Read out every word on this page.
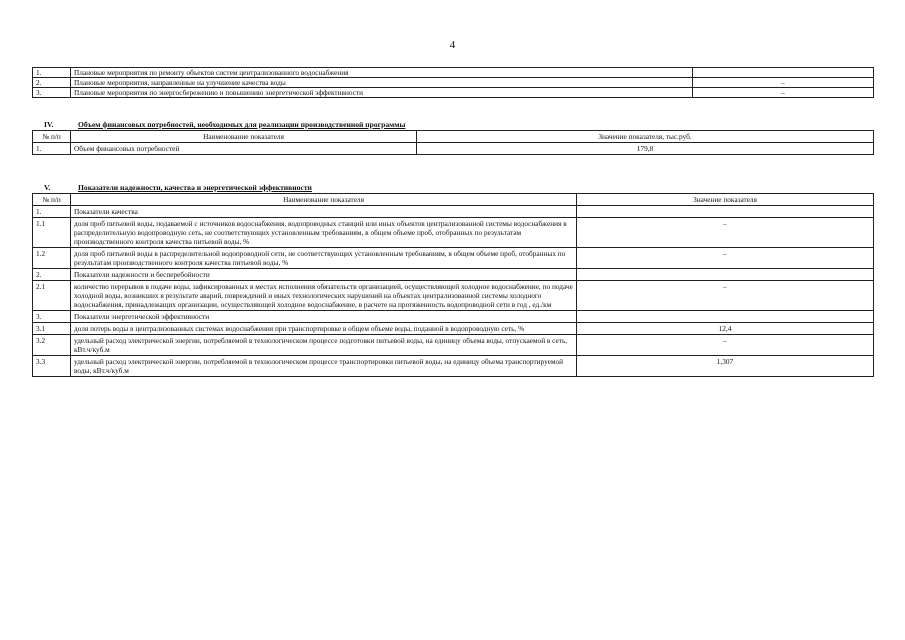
4
1.	Плановые мероприятия по ремонту объектов систем централизованного водоснабжения	
2.	Плановые мероприятия, направленные на улучшение качества воды	–
3.	Плановые мероприятия по энергосбережению и повышению энергетической эффективности	–
IV.	Объем финансовых потребностей, необходимых для реализации производственной программы
№ п/п	Наименование показателя	Значение показателя, тыс.руб.
1.	Объем финансовых потребностей	179,8
V.	Показатели надежности, качества и энергетической эффективности
№ п/п	Наименование показателя	Значение показателя
1.	Показатели качества	
1.1	доля проб питьевой воды, подаваемой с источников водоснабжения, водопроводных станций или иных объектов централизованной системы водоснабжения в распределительную водопроводную сеть, не соответствующих установленным требованиям, в общем объеме проб, отобранных по результатам производственного контроля качества питьевой воды, %	–
1.2	доля проб питьевой воды в распределительной водопроводной сети, не соответствующих установленным требованиям, в общем объеме проб, отобранных по результатам производственного контроля качества питьевой воды, %	–
2.	Показатели надежности и бесперебойности	
2.1	количество перерывов в подаче воды, зафиксированных в местах исполнения обязательств организацией, осуществляющей холодное водоснабжение, по подаче холодной воды, возникших в результате аварий, повреждений и иных технологических нарушений на объектах централизованной системы холодного водоснабжения, принадлежащих организации, осуществляющей холодное водоснабжение, в расчете на протяженность водопроводной сети в год , ед./км	–
3.	Показатели энергетической эффективности	
3.1	доля потерь воды в централизованных системах водоснабжения при транспортировке в общем объеме воды, поданной в водопроводную сеть, %	12,4
3.2	удельный расход электрической энергии, потребляемой в технологическом процессе подготовки питьевой воды, на единицу объема воды, отпускаемой в сеть, кВт.ч/куб.м	–
3.3	удельный расход электрической энергии, потребляемой в технологическом процессе транспортировки питьевой воды, на единицу объема транспортируемой воды, кВт.ч/куб.м	1,307
